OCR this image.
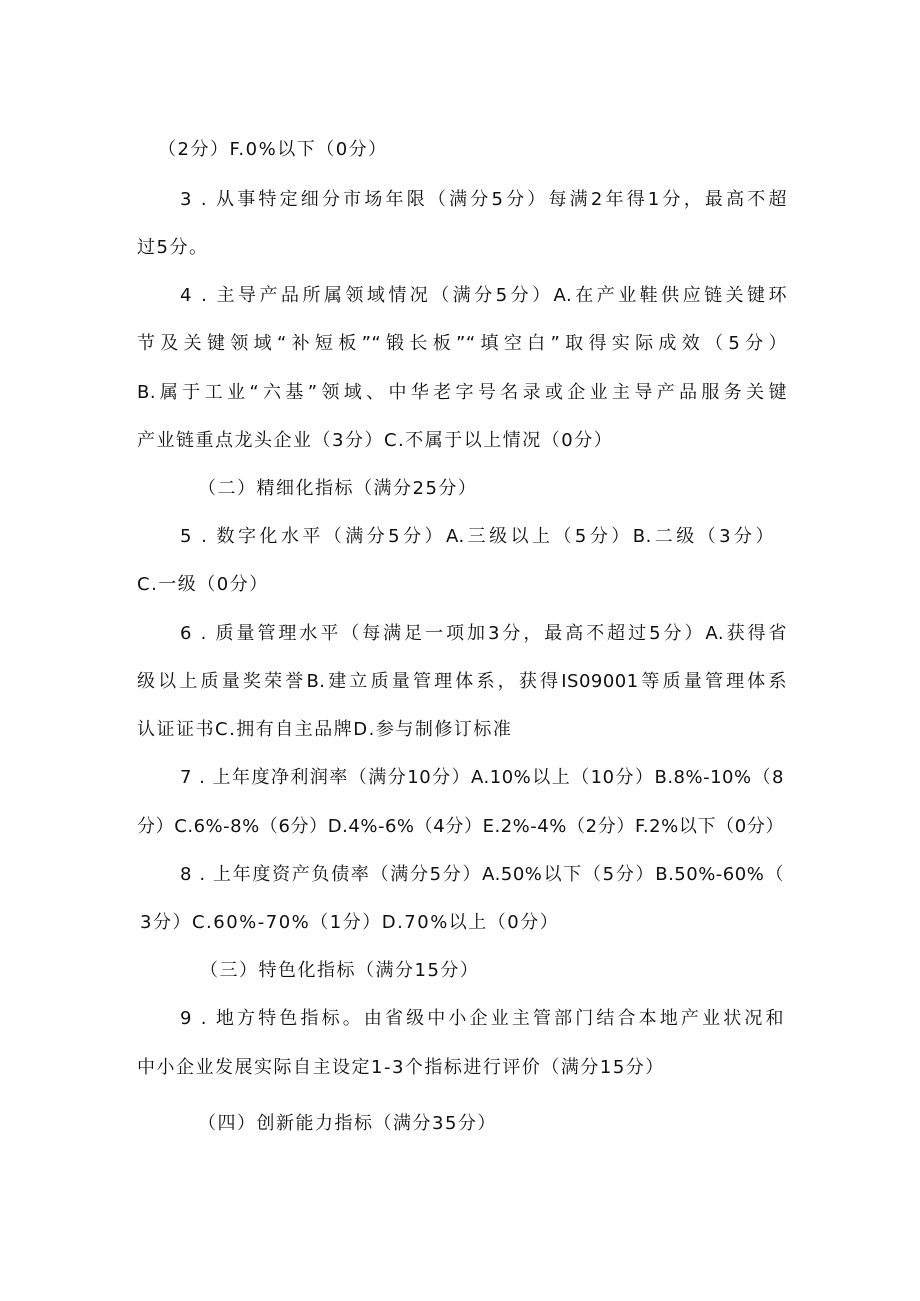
（2分）F.0%以下（0分）

3 . 从事特定细分市场年限（满分5分）每满2年得1分，最高不超

过5分。

4 . 主导产品所属领域情况（满分5分）A.在产业鞋供应链关键环

节及关键领域“补短板”“锻长板”“填空白”取得实际成效（5分）

B.属于工业“六基”领域、中华老字号名录或企业主导产品服务关键

产业链重点龙头企业（3分）C.不属于以上情况（0分）

（二）精细化指标（满分25分）

5 . 数字化水平（满分5分）A.三级以上（5分）B.二级（3分）

C.一级（0分）

6 . 质量管理水平（每满足一项加3分，最高不超过5分）A.获得省

级以上质量奖荣誉B.建立质量管理体系，获得IS09001等质量管理体系

认证证书C.拥有自主品牌D.参与制修订标准

7 . 上年度净利润率（满分10分）A.10%以上（10分）B.8%-10%（8

分）C.6%-8%（6分）D.4%-6%（4分）E.2%-4%（2分）F.2%以下（0分）

8 . 上年度资产负债率（满分5分）A.50%以下（5分）B.50%-60%（

3分）C.60%-70%（1分）D.70%以上（0分）

（三）特色化指标（满分15分）

9 . 地方特色指标。由省级中小企业主管部门结合本地产业状况和

中小企业发展实际自主设定1-3个指标进行评价（满分15分）

（四）创新能力指标（满分35分）
